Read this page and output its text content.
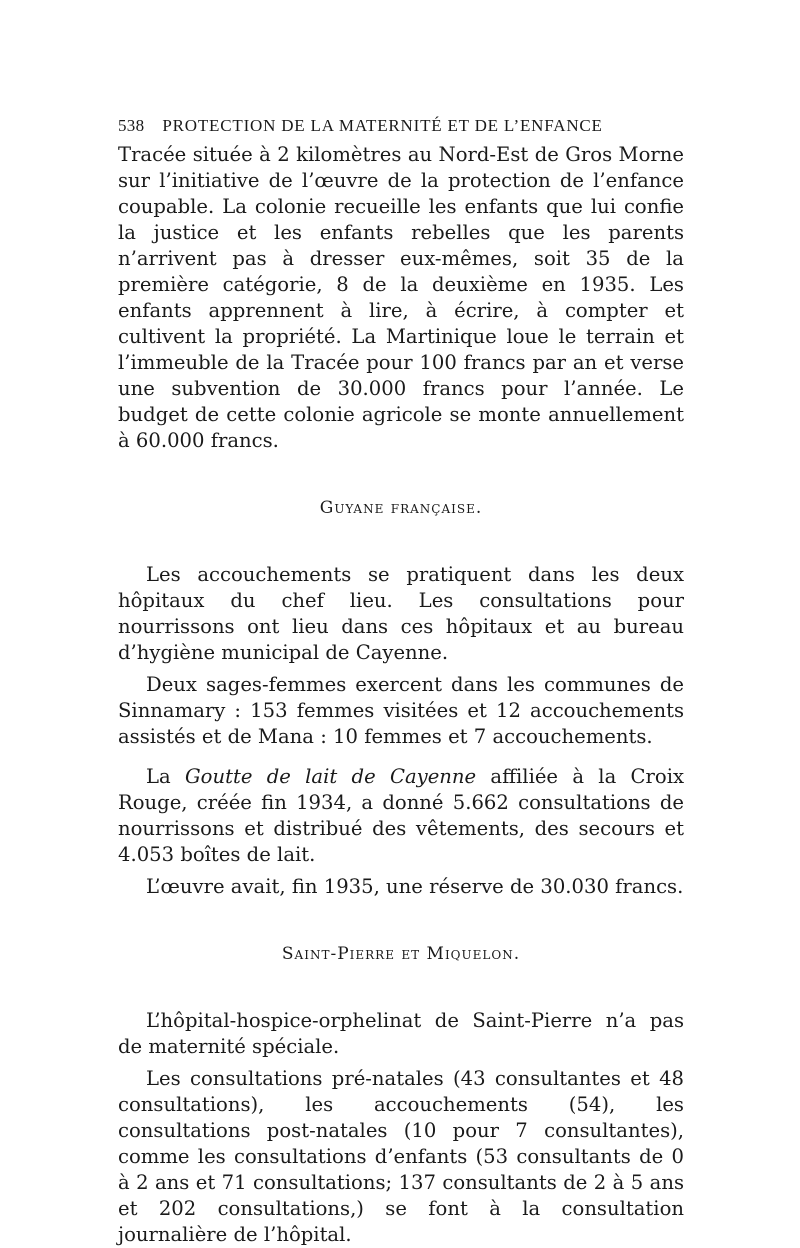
538 PROTECTION DE LA MATERNITÉ ET DE L’ENFANCE

Tracée située à 2 kilomètres au Nord-Est de Gros Morne sur l’initiative de l’œuvre de la protection de l’enfance coupable. La colonie recueille les enfants que lui confie la justice et les enfants rebelles que les parents n’arrivent pas à dresser eux-mêmes, soit 35 de la première catégorie, 8 de la deuxième en 1935. Les enfants apprennent à lire, à écrire, à compter et cultivent la propriété. La Martinique loue le terrain et l’immeuble de la Tracée pour 100 francs par an et verse une subvention de 30.000 francs pour l’année. Le budget de cette colonie agricole se monte annuellement à 60.000 francs.

Guyane française.

Les accouchements se pratiquent dans les deux hôpitaux du chef lieu. Les consultations pour nourrissons ont lieu dans ces hôpitaux et au bureau d’hygiène municipal de Cayenne.

Deux sages-femmes exercent dans les communes de Sinnamary : 153 femmes visitées et 12 accouchements assistés et de Mana : 10 femmes et 7 accouchements.

La Goutte de lait de Cayenne affiliée à la Croix Rouge, créée fin 1934, a donné 5.662 consultations de nourrissons et distribué des vêtements, des secours et 4.053 boîtes de lait.

L’œuvre avait, fin 1935, une réserve de 30.030 francs.

Saint-Pierre et Miquelon.

L’hôpital-hospice-orphelinat de Saint-Pierre n’a pas de maternité spéciale.

Les consultations pré-natales (43 consultantes et 48 consultations), les accouchements (54), les consultations post-natales (10 pour 7 consultantes), comme les consultations d’enfants (53 consultants de 0 à 2 ans et 71 consultations; 137 consultants de 2 à 5 ans et 202 consultations,) se font à la consultation journalière de l’hôpital.
